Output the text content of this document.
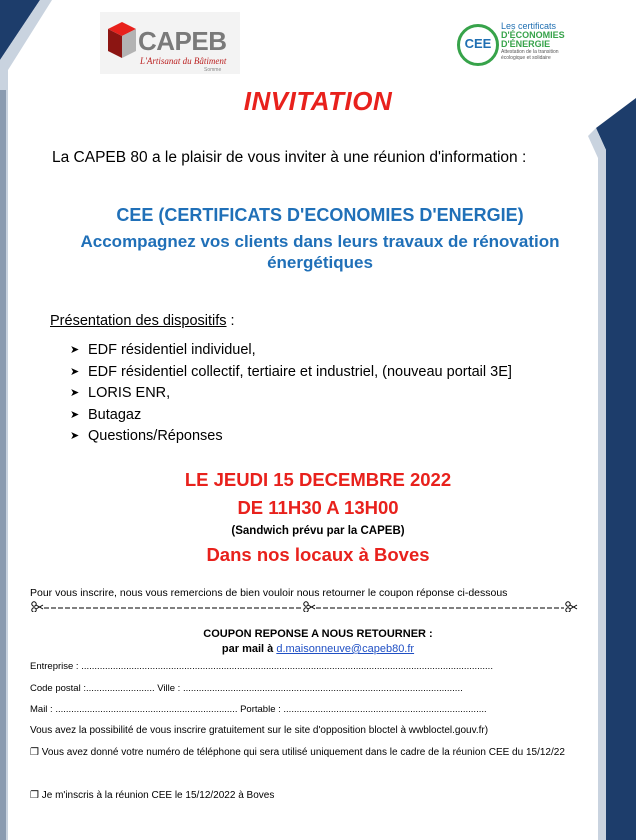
CAPEB
L'Artisanat du Bâtiment
Somme
CEE
Les certificats
D'ÉCONOMIES
D'ÉNERGIE
Attestation de la transition
écologique et solidaire
INVITATION
La CAPEB 80 a le plaisir de vous inviter à une réunion d'information :
CEE (CERTIFICATS D'ECONOMIES D'ENERGIE)
Accompagnez vos clients dans leurs travaux de rénovation énergétiques
Présentation des dispositifs :
➤ EDF résidentiel individuel,
➤ EDF résidentiel collectif, tertiaire et industriel, (nouveau portail 3E]
➤ LORIS ENR,
➤ Butagaz
➤ Questions/Réponses
LE JEUDI 15 DECEMBRE 2022
DE 11H30 A 13H00
(Sandwich prévu par la CAPEB)
Dans nos locaux à Boves
Pour vous inscrire, nous vous remercions de bien vouloir nous retourner le coupon réponse ci-dessous
COUPON REPONSE A NOUS RETOURNER :
par mail à d.maisonneuve@capeb80.fr
Entreprise : ............................................................................................................................................................
Code postal :.......................... Ville : ..........................................................................................................
Mail : ..................................................................... Portable : .............................................................................
Vous avez la possibilité de vous inscrire gratuitement sur le site d'opposition bloctel à wwbloctel.gouv.fr)
❐ Vous avez donné votre numéro de téléphone qui sera utilisé uniquement dans le cadre de la réunion CEE du 15/12/22
❐ Je m'inscris à la réunion CEE le 15/12/2022 à Boves
